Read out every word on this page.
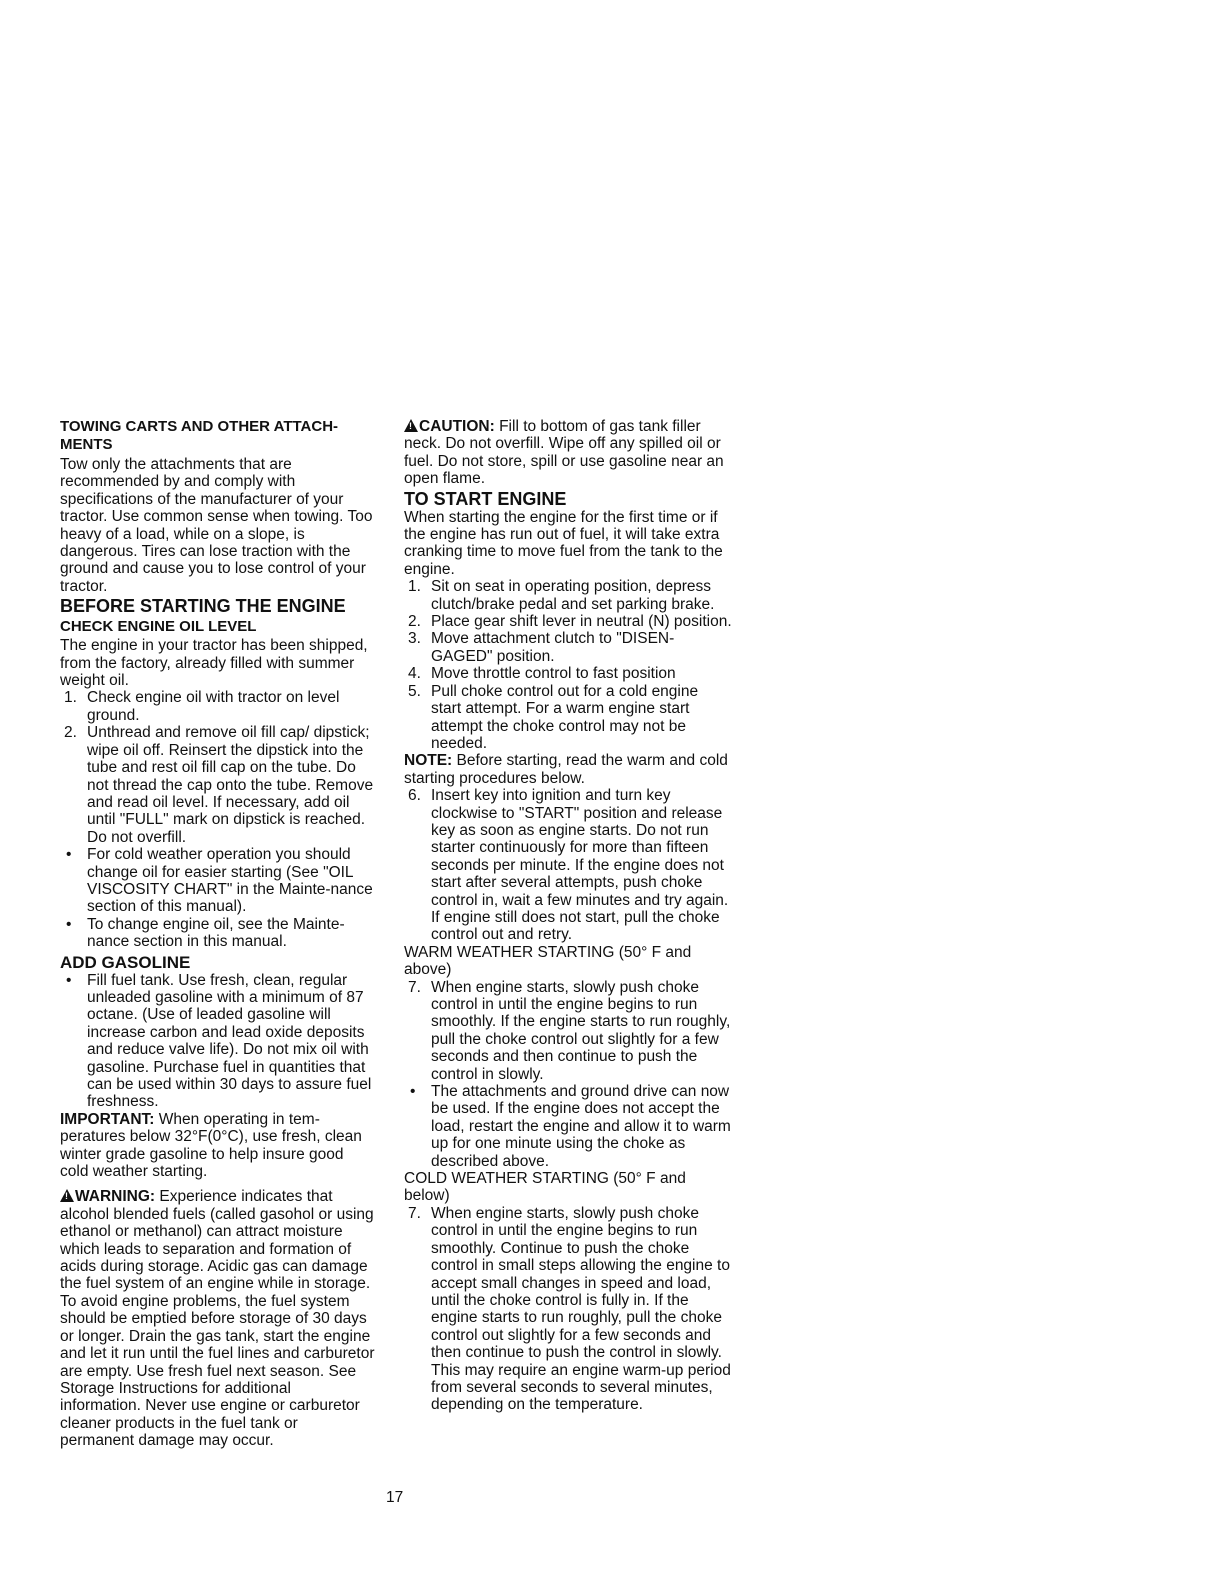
TOWING CARTS AND OTHER ATTACH-MENTS

Tow only the attachments that are recommended by and comply with specifications of the manufacturer of your tractor. Use common sense when towing. Too heavy of a load, while on a slope, is dangerous. Tires can lose traction with the ground and cause you to lose control of your tractor.

BEFORE STARTING THE ENGINE
CHECK ENGINE OIL LEVEL

The engine in your tractor has been shipped, from the factory, already filled with summer weight oil.

1. Check engine oil with tractor on level ground.
2. Unthread and remove oil fill cap/ dipstick; wipe oil off. Reinsert the dipstick into the tube and rest oil fill cap on the tube. Do not thread the cap onto the tube. Remove and read oil level. If necessary, add oil until "FULL" mark on dipstick is reached. Do not overfill.
• For cold weather operation you should change oil for easier starting (See "OIL VISCOSITY CHART" in the Mainte-nance section of this manual).
• To change engine oil, see the Mainte-nance section in this manual.
ADD GASOLINE
• Fill fuel tank. Use fresh, clean, regular unleaded gasoline with a minimum of 87 octane. (Use of leaded gasoline will increase carbon and lead oxide deposits and reduce valve life). Do not mix oil with gasoline. Purchase fuel in quantities that can be used within 30 days to assure fuel freshness.

IMPORTANT: When operating in tem-peratures below 32°F(0°C), use fresh, clean winter grade gasoline to help insure good cold weather starting.

!WARNING: Experience indicates that alcohol blended fuels (called gasohol or using ethanol or methanol) can attract moisture which leads to separation and formation of acids during storage. Acidic gas can damage the fuel system of an engine while in storage. To avoid engine problems, the fuel system should be emptied before storage of 30 days or longer. Drain the gas tank, start the engine and let it run until the fuel lines and carburetor are empty. Use fresh fuel next season. See Storage Instructions for additional information. Never use engine or carburetor cleaner products in the fuel tank or permanent damage may occur.

!CAUTION: Fill to bottom of gas tank filler neck. Do not overfill. Wipe off any spilled oil or fuel. Do not store, spill or use gasoline near an open flame.

TO START ENGINE

When starting the engine for the first time or if the engine has run out of fuel, it will take extra cranking time to move fuel from the tank to the engine.

1. Sit on seat in operating position, depress clutch/brake pedal and set parking brake.
2. Place gear shift lever in neutral (N) position.
3. Move attachment clutch to "DISEN-GAGED" position.
4. Move throttle control to fast position
5. Pull choke control out for a cold engine start attempt. For a warm engine start attempt the choke control may not be needed.

NOTE: Before starting, read the warm and cold starting procedures below.

6. Insert key into ignition and turn key clockwise to "START" position and release key as soon as engine starts. Do not run starter continuously for more than fifteen seconds per minute. If the engine does not start after several attempts, push choke control in, wait a few minutes and try again. If engine still does not start, pull the choke control out and retry.

WARM WEATHER STARTING (50° F and above)

7. When engine starts, slowly push choke control in until the engine begins to run smoothly. If the engine starts to run roughly, pull the choke control out slightly for a few seconds and then continue to push the control in slowly.
• The attachments and ground drive can now be used. If the engine does not accept the load, restart the engine and allow it to warm up for one minute using the choke as described above.

COLD WEATHER STARTING (50° F and below)

7. When engine starts, slowly push choke control in until the engine begins to run smoothly. Continue to push the choke control in small steps allowing the engine to accept small changes in speed and load, until the choke control is fully in. If the engine starts to run roughly, pull the choke control out slightly for a few seconds and then continue to push the control in slowly. This may require an engine warm-up period from several seconds to several minutes, depending on the temperature.
17
